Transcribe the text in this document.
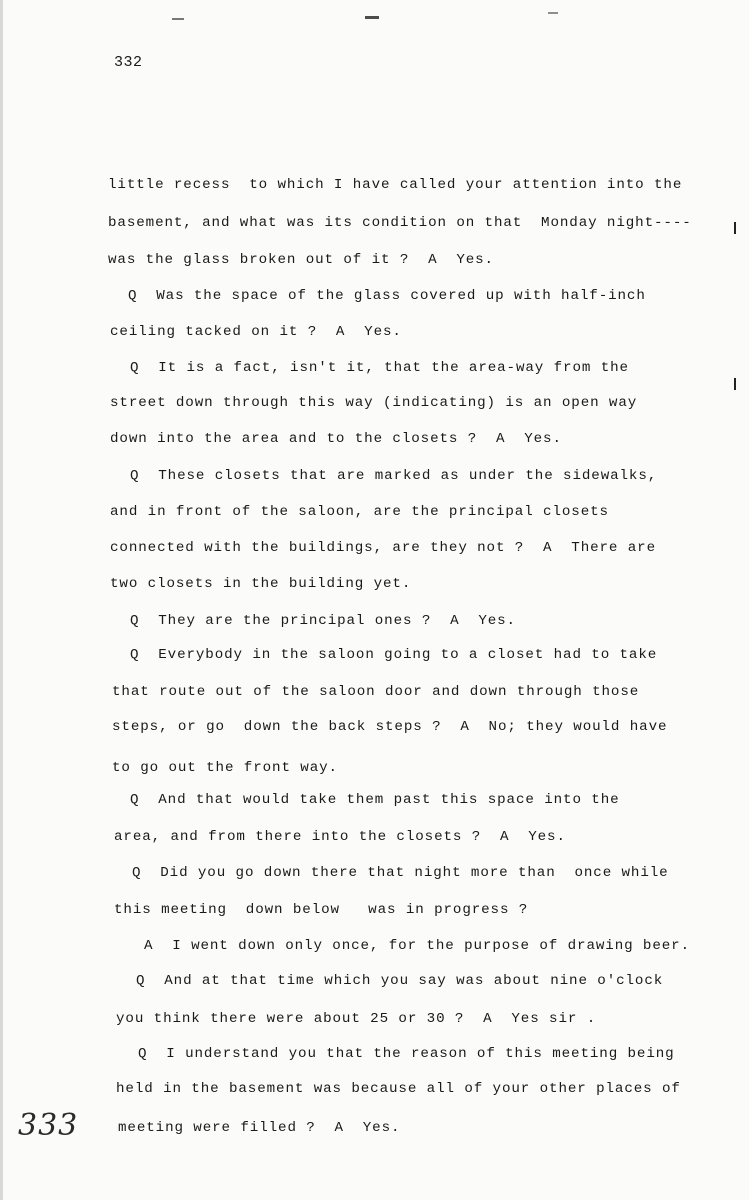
332
little recess  to which I have called your attention into the
basement, and what was its condition on that  Monday night----
was the glass broken out of it ?  A  Yes.
Q  Was the space of the glass covered up with half-inch
ceiling tacked on it ?  A  Yes.
Q  It is a fact, isn't it, that the area-way from the
street down through this way (indicating) is an open way
down into the area and to the closets ?  A  Yes.
Q  These closets that are marked as under the sidewalks,
and in front of the saloon, are the principal closets
connected with the buildings, are they not ?  A  There are
two closets in the building yet.
Q  They are the principal ones ?  A  Yes.
Q  Everybody in the saloon going to a closet had to take
that route out of the saloon door and down through those
steps, or go  down the back steps ?  A  No; they would have
to go out the front way.
Q  And that would take them past this space into the
area, and from there into the closets ?  A  Yes.
Q  Did you go down there that night more than  once while
this meeting  down below   was in progress ?
A  I went down only once, for the purpose of drawing beer.
Q  And at that time which you say was about nine o'clock
you think there were about 25 or 30 ?  A  Yes sir .
Q  I understand you that the reason of this meeting being
held in the basement was because all of your other places of
meeting were filled ?  A  Yes.
333
